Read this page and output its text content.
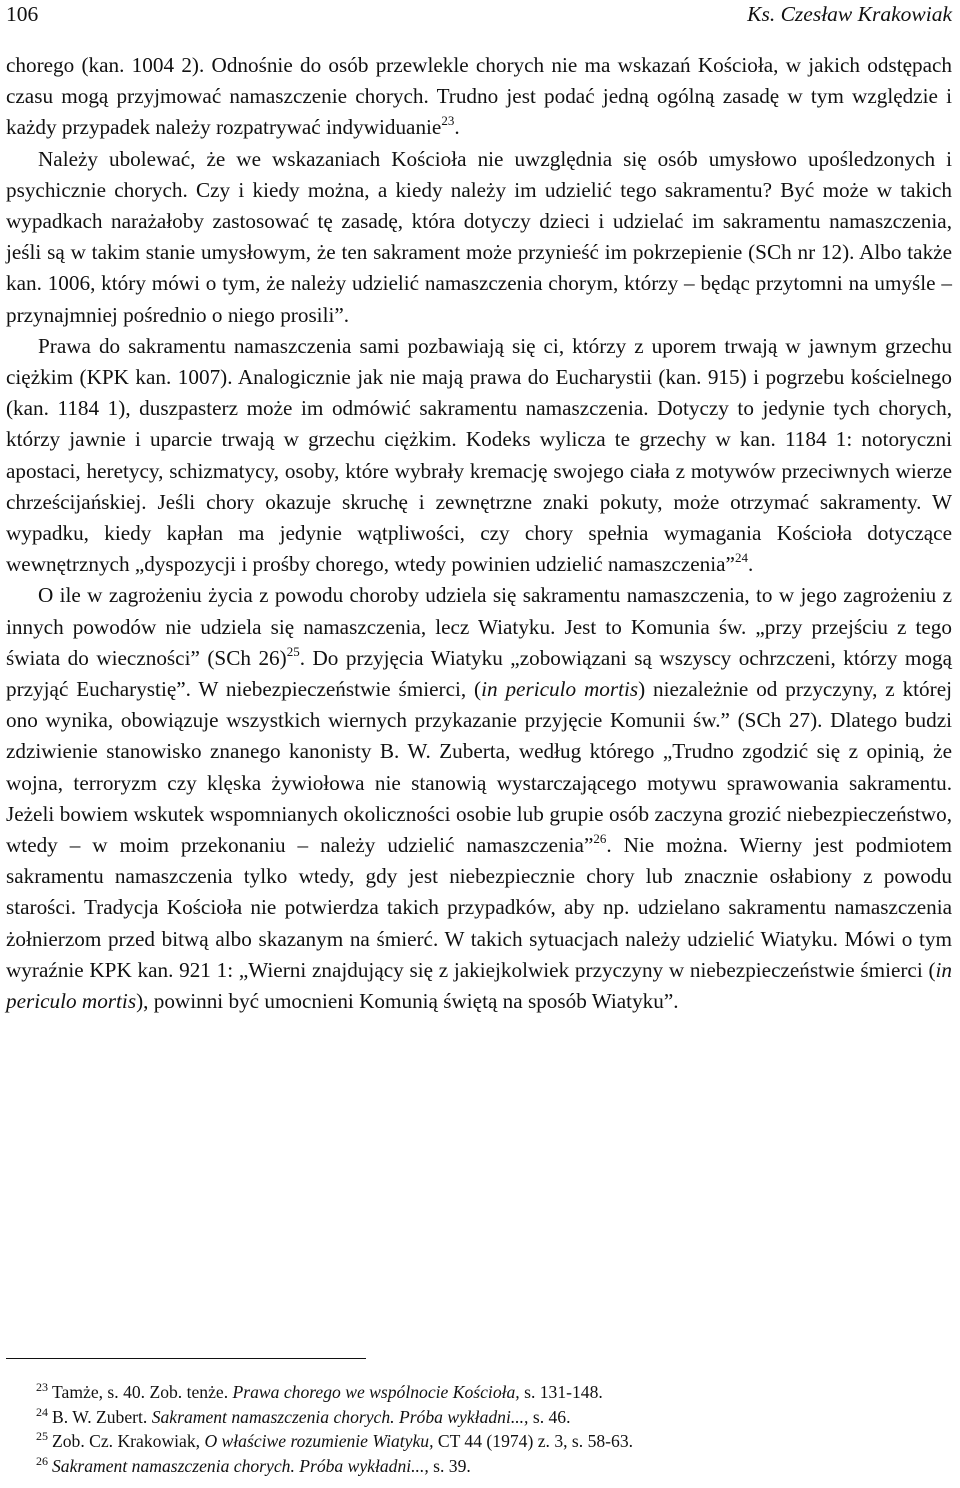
106	Ks. Czesław Krakowiak

chorego (kan. 1004 2). Odnośnie do osób przewlekle chorych nie ma wskazań Kościoła, w jakich odstępach czasu mogą przyjmować namaszczenie chorych. Trudno jest podać jedną ogólną zasadę w tym względzie i każdy przypadek należy rozpatrywać indywiduanie$^{23}$.

Należy ubolewać, że we wskazaniach Kościoła nie uwzględnia się osób umysłowo upośledzonych i psychicznie chorych. Czy i kiedy można, a kiedy należy im udzielić tego sakramentu? Być może w takich wypadkach narażałoby zastosować tę zasadę, która dotyczy dzieci i udzielać im sakramentu namaszczenia, jeśli są w takim stanie umysłowym, że ten sakrament może przynieść im pokrzepienie (SCh nr 12). Albo także kan. 1006, który mówi o tym, że należy udzielić namaszczenia chorym, którzy – będąc przytomni na umyśle – przynajmniej pośrednio o niego prosili”.

Prawa do sakramentu namaszczenia sami pozbawiają się ci, którzy z uporem trwają w jawnym grzechu ciężkim (KPK kan. 1007). Analogicznie jak nie mają prawa do Eucharystii (kan. 915) i pogrzebu kościelnego (kan. 1184 1), duszpasterz może im odmówić sakramentu namaszczenia. Dotyczy to jedynie tych chorych, którzy jawnie i uparcie trwają w grzechu ciężkim. Kodeks wylicza te grzechy w kan. 1184 1: notoryczni apostaci, heretycy, schizmatycy, osoby, które wybrały kremację swojego ciała z motywów przeciwnych wierze chrześcijańskiej. Jeśli chory okazuje skruchę i zewnętrzne znaki pokuty, może otrzymać sakramenty. W wypadku, kiedy kapłan ma jedynie wątpliwości, czy chory spełnia wymagania Kościoła dotyczące wewnętrznych „dyspozycji i prośby chorego, wtedy powinien udzielić namaszczenia”$^{24}$.

O ile w zagrożeniu życia z powodu choroby udziela się sakramentu namaszczenia, to w jego zagrożeniu z innych powodów nie udziela się namaszczenia, lecz Wiatyku. Jest to Komunia św. „przy przejściu z tego świata do wieczności” (SCh 26)$^{25}$. Do przyjęcia Wiatyku „zobowiązani są wszyscy ochrzczeni, którzy mogą przyjąć Eucharystię”. W niebezpieczeństwie śmierci, (in periculo mortis) niezależnie od przyczyny, z której ono wynika, obowiązuje wszystkich wiernych przykazanie przyjęcie Komunii św.” (SCh 27). Dlatego budzi zdziwienie stanowisko znanego kanonisty B. W. Zuberta, według którego „Trudno zgodzić się z opinią, że wojna, terroryzm czy klęska żywiołowa nie stanowią wystarczającego motywu sprawowania sakramentu. Jeżeli bowiem wskutek wspomnianych okoliczności osobie lub grupie osób zaczyna grozić niebezpieczeństwo, wtedy – w moim przekonaniu – należy udzielić namaszczenia”$^{26}$. Nie można. Wierny jest podmiotem sakramentu namaszczenia tylko wtedy, gdy jest niebezpiecznie chory lub znacznie osłabiony z powodu starości. Tradycja Kościoła nie potwierdza takich przypadków, aby np. udzielano sakramentu namaszczenia żołnierzom przed bitwą albo skazanym na śmierć. W takich sytuacjach należy udzielić Wiatyku. Mówi o tym wyraźnie KPK kan. 921 1: „Wierni znajdujący się z jakiejkolwiek przyczyny w niebezpieczeństwie śmierci (in periculo mortis), powinni być umocnieni Komunią świętą na sposób Wiatyku”.

$^{23}$ Tamże, s. 40. Zob. tenże. Prawa chorego we wspólnocie Kościoła, s. 131-148.
$^{24}$ B. W. Zubert. Sakrament namaszczenia chorych. Próba wykładni..., s. 46.
$^{25}$ Zob. Cz. Krakowiak, O właściwe rozumienie Wiatyku, CT 44 (1974) z. 3, s. 58-63.
$^{26}$ Sakrament namaszczenia chorych. Próba wykładni..., s. 39.
